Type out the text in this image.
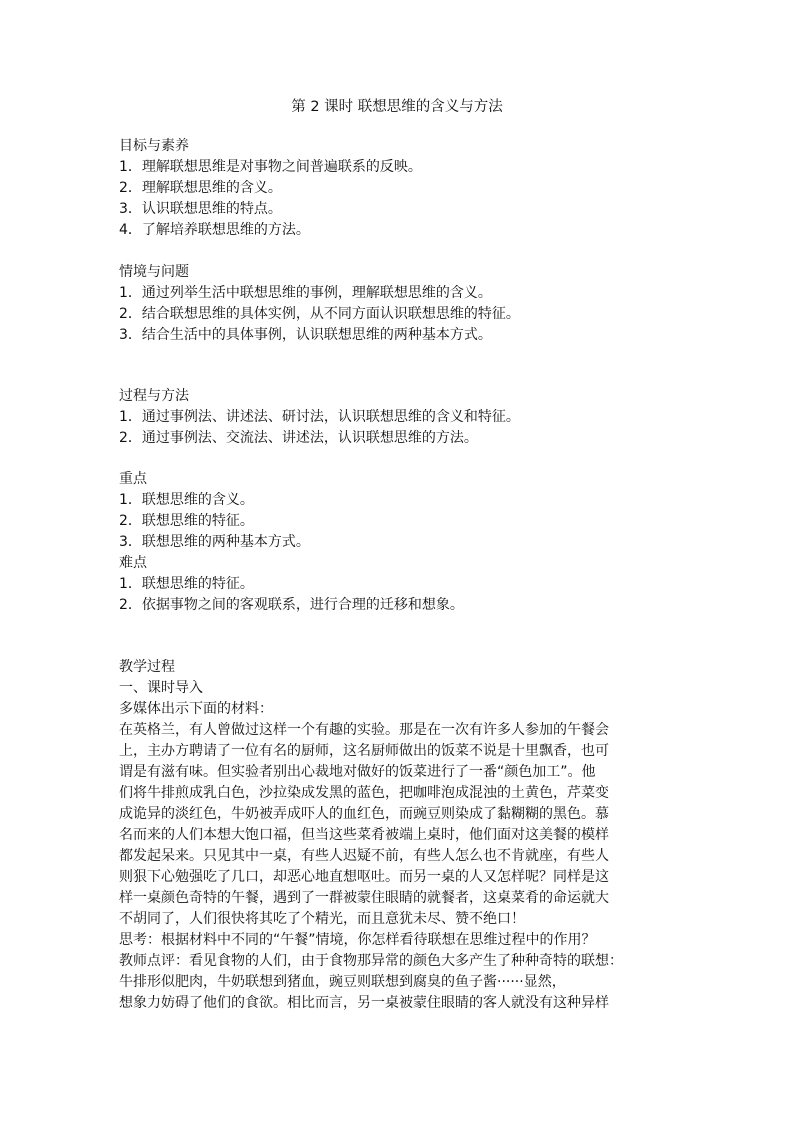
第 2 课时 联想思维的含义与方法

目标与素养

1．理解联想思维是对事物之间普遍联系的反映。

2．理解联想思维的含义。

3．认识联想思维的特点。

4．了解培养联想思维的方法。

情境与问题

1．通过列举生活中联想思维的事例，理解联想思维的含义。

2．结合联想思维的具体实例，从不同方面认识联想思维的特征。

3．结合生活中的具体事例，认识联想思维的两种基本方式。

过程与方法

1．通过事例法、讲述法、研讨法，认识联想思维的含义和特征。

2．通过事例法、交流法、讲述法，认识联想思维的方法。

重点

1．联想思维的含义。

2．联想思维的特征。

3．联想思维的两种基本方式。

难点

1．联想思维的特征。

2．依据事物之间的客观联系，进行合理的迁移和想象。

教学过程

一、课时导入

多媒体出示下面的材料：

在英格兰，有人曾做过这样一个有趣的实验。那是在一次有许多人参加的午餐会
上，主办方聘请了一位有名的厨师，这名厨师做出的饭菜不说是十里飘香，也可
谓是有滋有味。但实验者别出心裁地对做好的饭菜进行了一番“颜色加工”。他
们将牛排煎成乳白色，沙拉染成发黑的蓝色，把咖啡泡成混浊的土黄色，芹菜变
成诡异的淡红色，牛奶被弄成吓人的血红色，而豌豆则染成了黏糊糊的黑色。慕
名而来的人们本想大饱口福，但当这些菜肴被端上桌时，他们面对这美餐的模样
都发起呆来。只见其中一桌，有些人迟疑不前，有些人怎么也不肯就座，有些人
则狠下心勉强吃了几口，却恶心地直想呕吐。而另一桌的人又怎样呢？同样是这
样一桌颜色奇特的午餐，遇到了一群被蒙住眼睛的就餐者，这桌菜肴的命运就大
不胡同了，人们很快将其吃了个精光，而且意犹未尽、赞不绝口！

思考：根据材料中不同的“午餐”情境，你怎样看待联想在思维过程中的作用？

教师点评：看见食物的人们，由于食物那异常的颜色大多产生了种种奇特的联想：
牛排形似肥肉，牛奶联想到猪血，豌豆则联想到腐臭的鱼子酱······显然，
想象力妨碍了他们的食欲。相比而言，另一桌被蒙住眼睛的客人就没有这种异样
